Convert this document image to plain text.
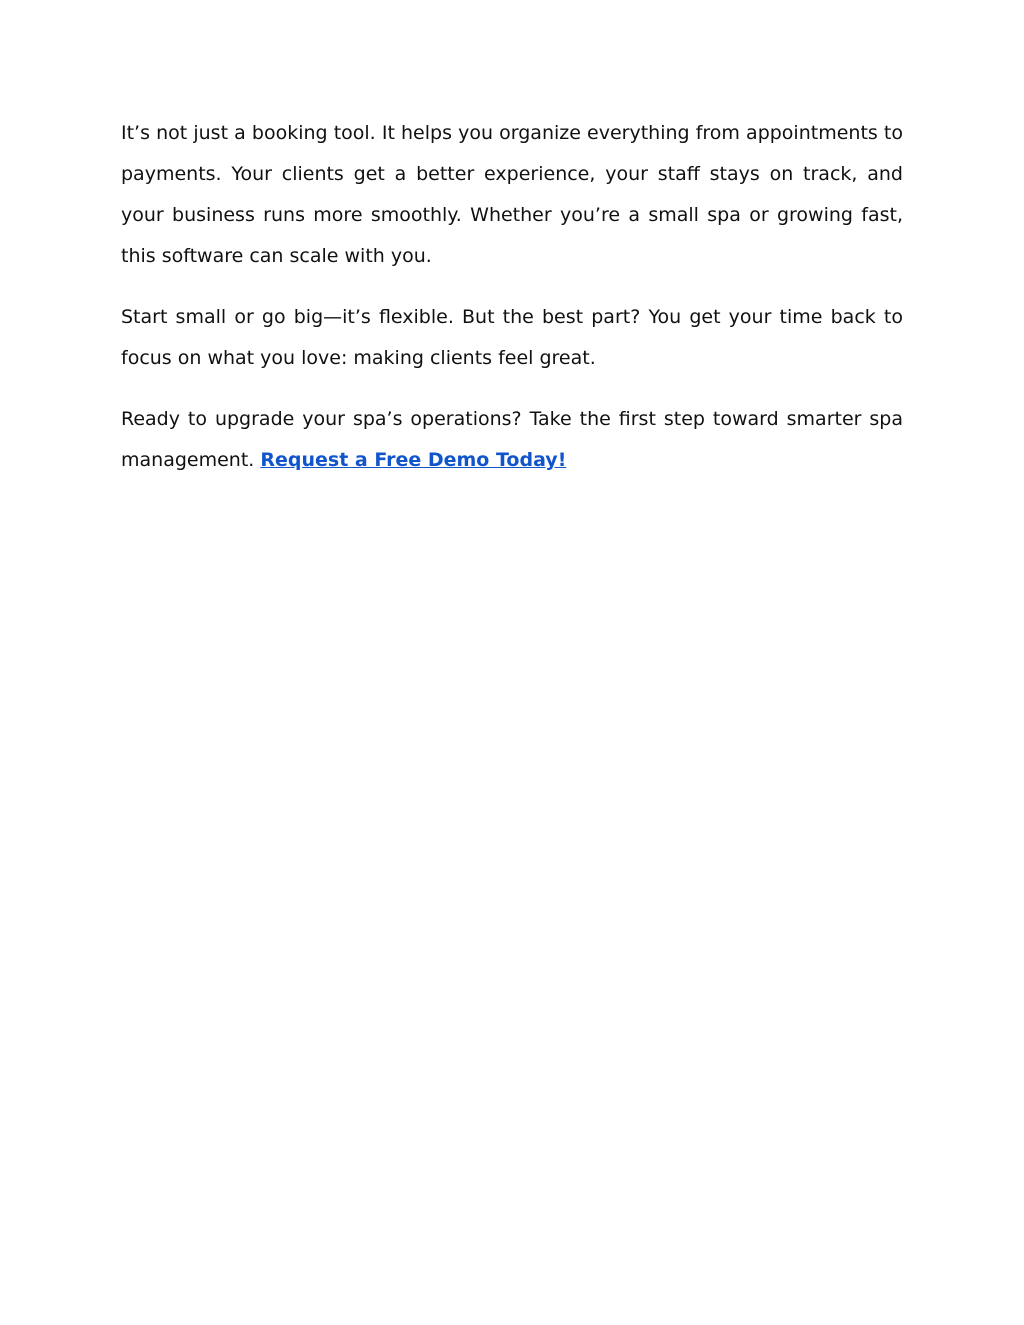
It’s not just a booking tool. It helps you organize everything from appointments to payments. Your clients get a better experience, your staff stays on track, and your business runs more smoothly. Whether you’re a small spa or growing fast, this software can scale with you.

Start small or go big—it’s flexible. But the best part? You get your time back to focus on what you love: making clients feel great.

Ready to upgrade your spa’s operations? Take the first step toward smarter spa management. Request a Free Demo Today!
